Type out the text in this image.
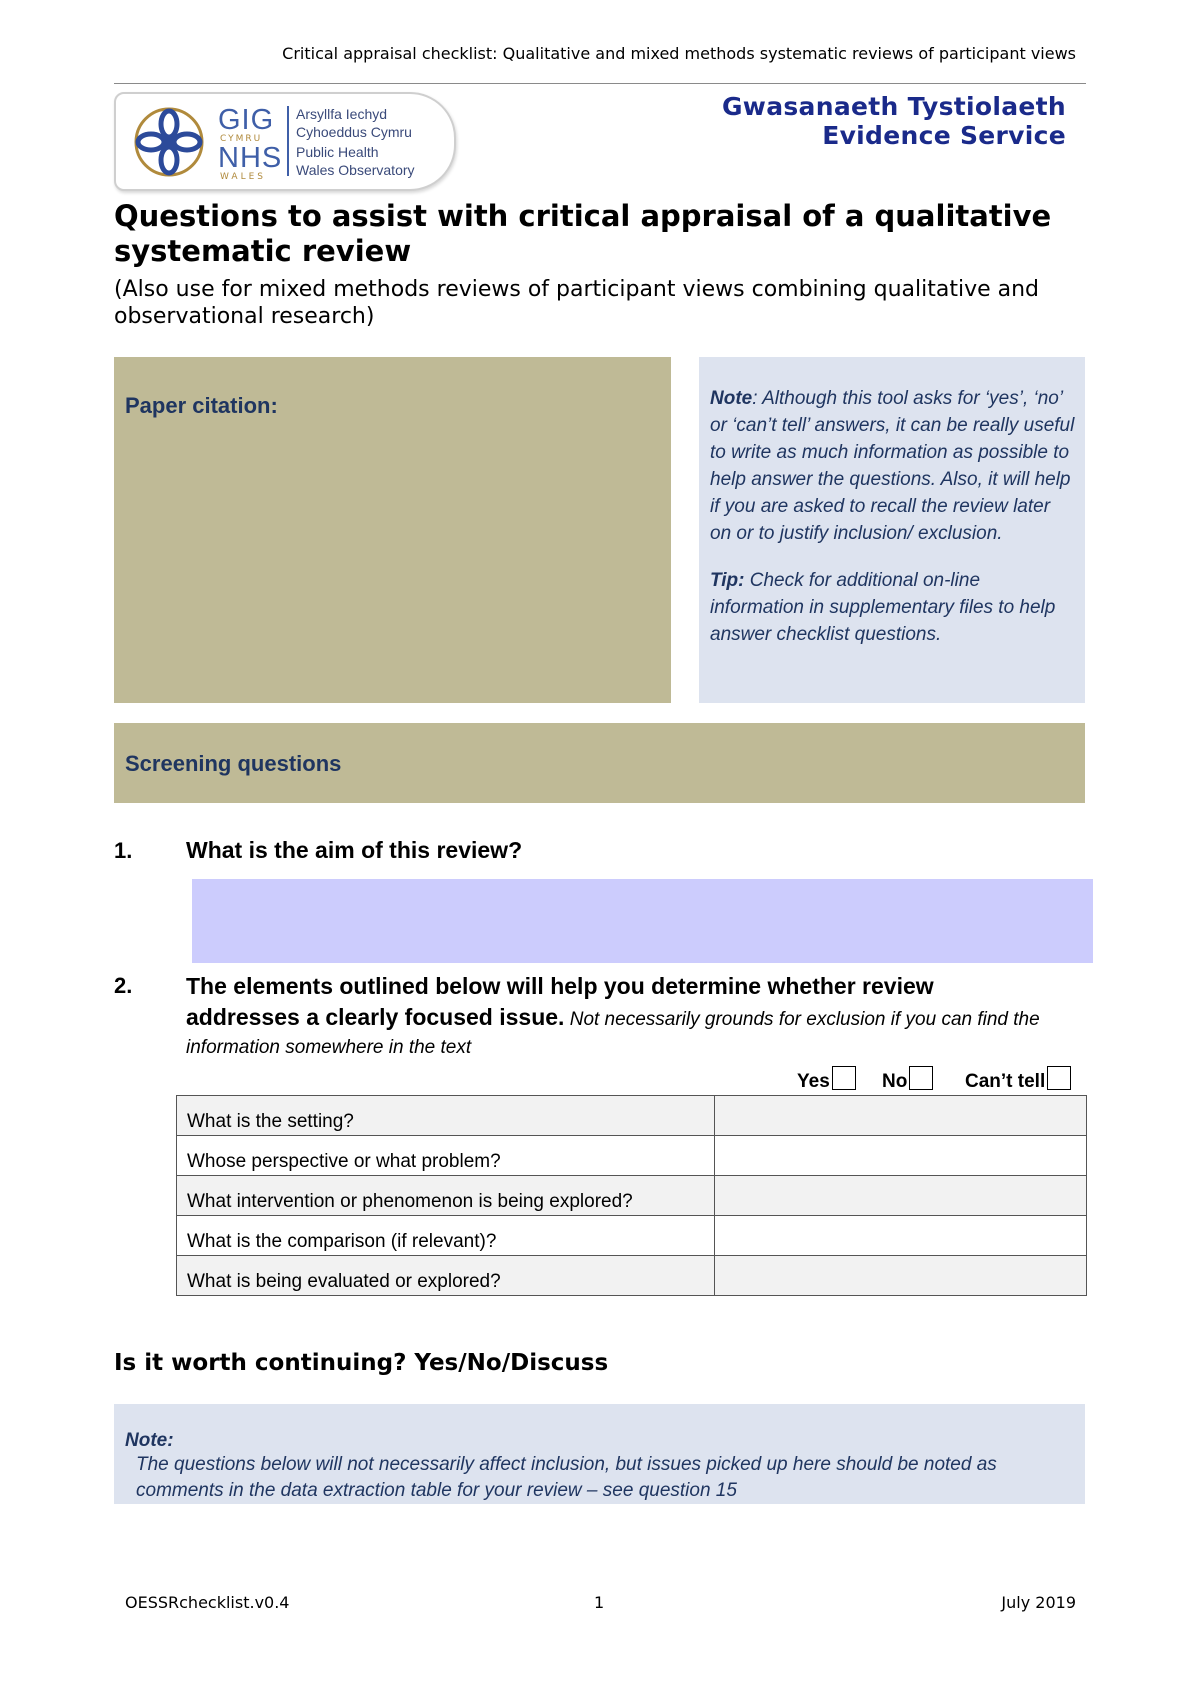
Critical appraisal checklist: Qualitative and mixed methods systematic reviews of participant views
GIG
CYMRU
NHS
WALES
Arsyllfa Iechyd
Cyhoeddus Cymru
Public Health
Wales Observatory
Gwasanaeth Tystiolaeth
Evidence Service
Questions to assist with critical appraisal of a qualitative systematic review
(Also use for mixed methods reviews of participant views combining qualitative and observational research)
Paper citation:	Note: Although this tool asks for ‘yes’, ‘no’ or ‘can’t tell’ answers, it can be really useful to write as much information as possible to help answer the questions. Also, it will help if you are asked to recall the review later on or to justify inclusion/ exclusion.
Tip: Check for additional on-line information in supplementary files to help answer checklist questions.
Screening questions
1. What is the aim of this review?
2. The elements outlined below will help you determine whether review
addresses a clearly focused issue. Not necessarily grounds for exclusion if you can find the
information somewhere in the text
Yes	No	Can’t tell
What is the setting?	
Whose perspective or what problem?	
What intervention or phenomenon is being explored?	
What is the comparison (if relevant)?	
What is being evaluated or explored?	
Is it worth continuing? Yes/No/Discuss
Note:
The questions below will not necessarily affect inclusion, but issues picked up here should be noted as comments in the data extraction table for your review – see question 15
OESSRchecklist.v0.4	1	July 2019
